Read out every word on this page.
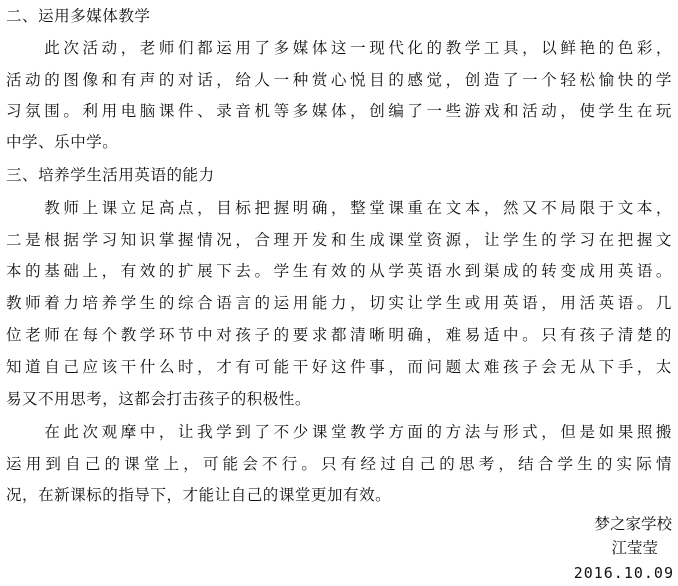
二、运用多媒体教学
　　此次活动，老师们都运用了多媒体这一现代化的教学工具，以鲜艳的色彩，
活动的图像和有声的对话，给人一种赏心悦目的感觉，创造了一个轻松愉快的学
习氛围。利用电脑课件、录音机等多媒体，创编了一些游戏和活动，使学生在玩
中学、乐中学。
三、培养学生活用英语的能力
　　教师上课立足高点，目标把握明确，整堂课重在文本，然又不局限于文本，
二是根据学习知识掌握情况，合理开发和生成课堂资源，让学生的学习在把握文
本的基础上，有效的扩展下去。学生有效的从学英语水到渠成的转变成用英语。
教师着力培养学生的综合语言的运用能力，切实让学生或用英语，用活英语。几
位老师在每个教学环节中对孩子的要求都清晰明确，难易适中。只有孩子清楚的
知道自己应该干什么时，才有可能干好这件事，而问题太难孩子会无从下手，太
易又不用思考，这都会打击孩子的积极性。
　　在此次观摩中，让我学到了不少课堂教学方面的方法与形式，但是如果照搬
运用到自己的课堂上，可能会不行。只有经过自己的思考，结合学生的实际情
况，在新课标的指导下，才能让自己的课堂更加有效。
梦之家学校
江莹莹
2016.10.09
